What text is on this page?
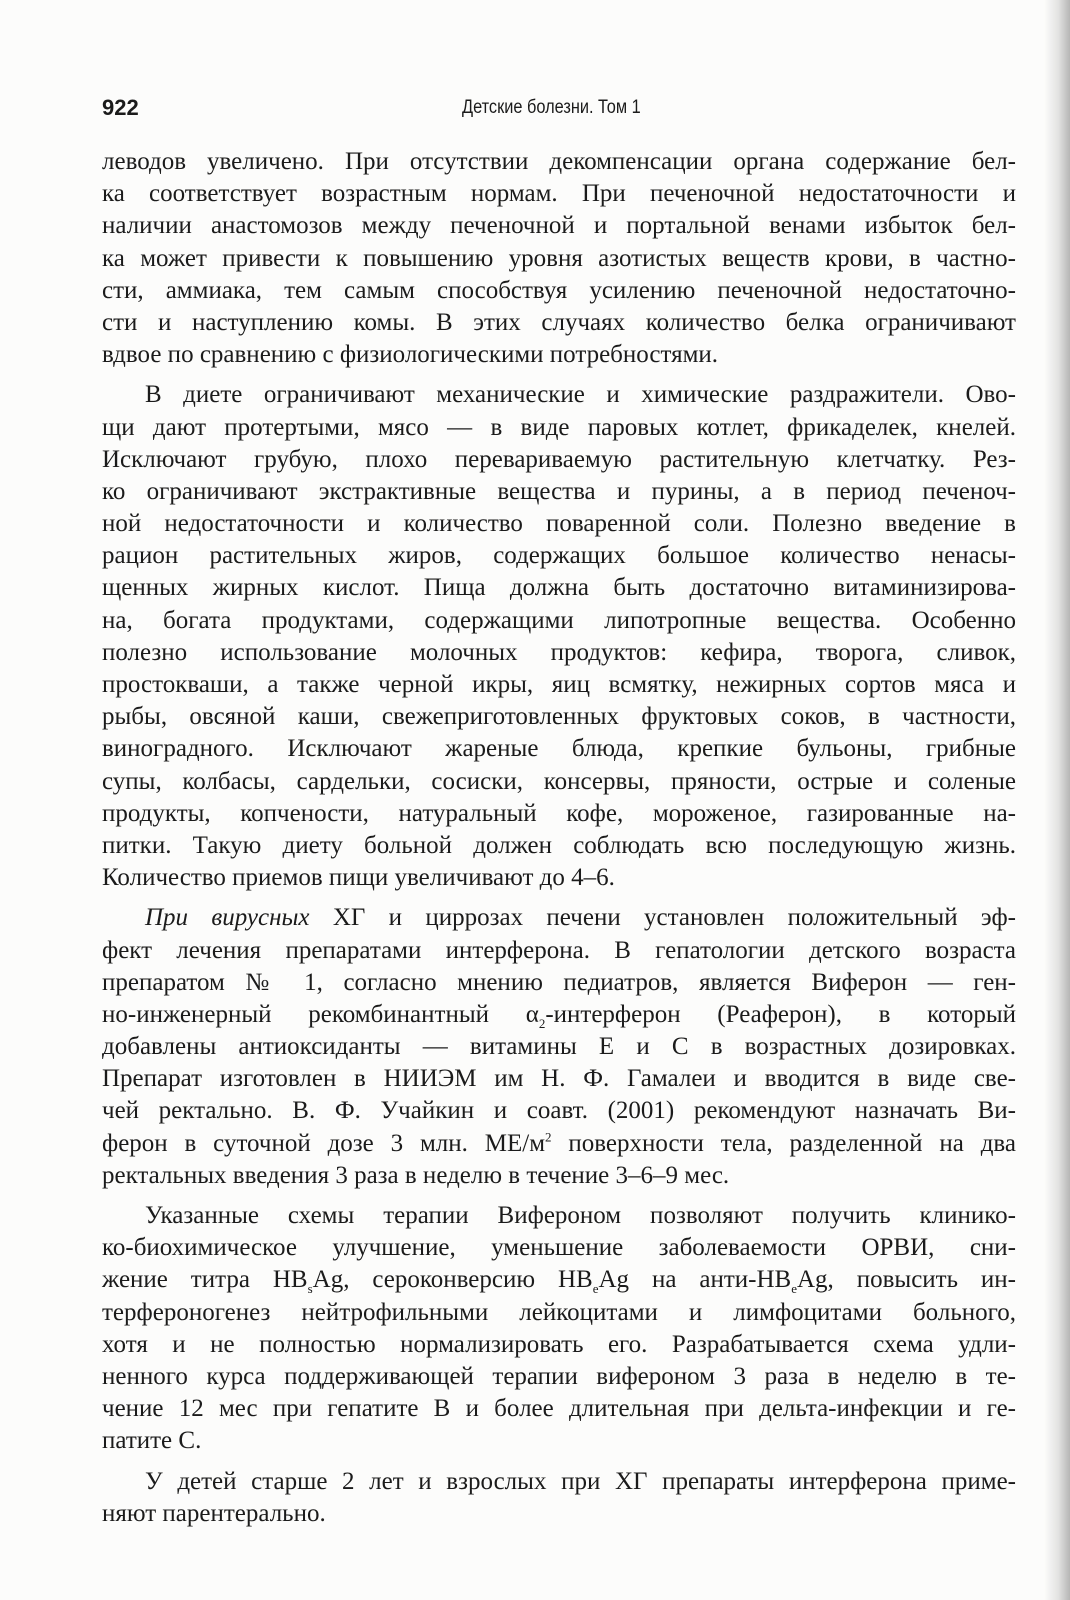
922	Детские болезни. Том 1
леводов увеличено. При отсутствии декомпенсации органа содержание бел-
ка соответствует возрастным нормам. При печеночной недостаточности и
наличии анастомозов между печеночной и портальной венами избыток бел-
ка может привести к повышению уровня азотистых веществ крови, в частно-
сти, аммиака, тем самым способствуя усилению печеночной недостаточно-
сти и наступлению комы. В этих случаях количество белка ограничивают
вдвое по сравнению с физиологическими потребностями.
В диете ограничивают механические и химические раздражители. Ово-
щи дают протертыми, мясо — в виде паровых котлет, фрикаделек, кнелей.
Исключают грубую, плохо перевариваемую растительную клетчатку. Рез-
ко ограничивают экстрактивные вещества и пурины, а в период печеноч-
ной недостаточности и количество поваренной соли. Полезно введение в
рацион растительных жиров, содержащих большое количество ненасы-
щенных жирных кислот. Пища должна быть достаточно витаминизирова-
на, богата продуктами, содержащими липотропные вещества. Особенно
полезно использование молочных продуктов: кефира, творога, сливок,
простокваши, а также черной икры, яиц всмятку, нежирных сортов мяса и
рыбы, овсяной каши, свежеприготовленных фруктовых соков, в частности,
виноградного. Исключают жареные блюда, крепкие бульоны, грибные
супы, колбасы, сардельки, сосиски, консервы, пряности, острые и соленые
продукты, копчености, натуральный кофе, мороженое, газированные на-
питки. Такую диету больной должен соблюдать всю последующую жизнь.
Количество приемов пищи увеличивают до 4–6.
При вирусных ХГ и циррозах печени установлен положительный эф-
фект лечения препаратами интерферона. В гепатологии детского возраста
препаратом № 1, согласно мнению педиатров, является Виферон — ген-
но-инженерный рекомбинантный $\alpha_2$-интерферон (Реаферон), в который
добавлены антиоксиданты — витамины Е и С в возрастных дозировках.
Препарат изготовлен в НИИЭМ им Н. Ф. Гамалеи и вводится в виде све-
чей ректально. В. Ф. Учайкин и соавт. (2001) рекомендуют назначать Ви-
ферон в суточной дозе 3 млн. $МЕ/м^2$ поверхности тела, разделенной на два
ректальных введения 3 раза в неделю в течение 3–6–9 мес.
Указанные схемы терапии Вифероном позволяют получить клинико-
ко-биохимическое улучшение, уменьшение заболеваемости ОРВИ, сни-
жение титра $HB_sAg$, сероконверсию $HB_eAg$ на анти-$HB_eAg$, повысить ин-
терфероногенез нейтрофильными лейкоцитами и лимфоцитами больного,
хотя и не полностью нормализировать его. Разрабатывается схема удли-
ненного курса поддерживающей терапии вифероном 3 раза в неделю в те-
чение 12 мес при гепатите В и более длительная при дельта-инфекции и ге-
патите С.
У детей старше 2 лет и взрослых при ХГ препараты интерферона приме-
няют парентерально.
